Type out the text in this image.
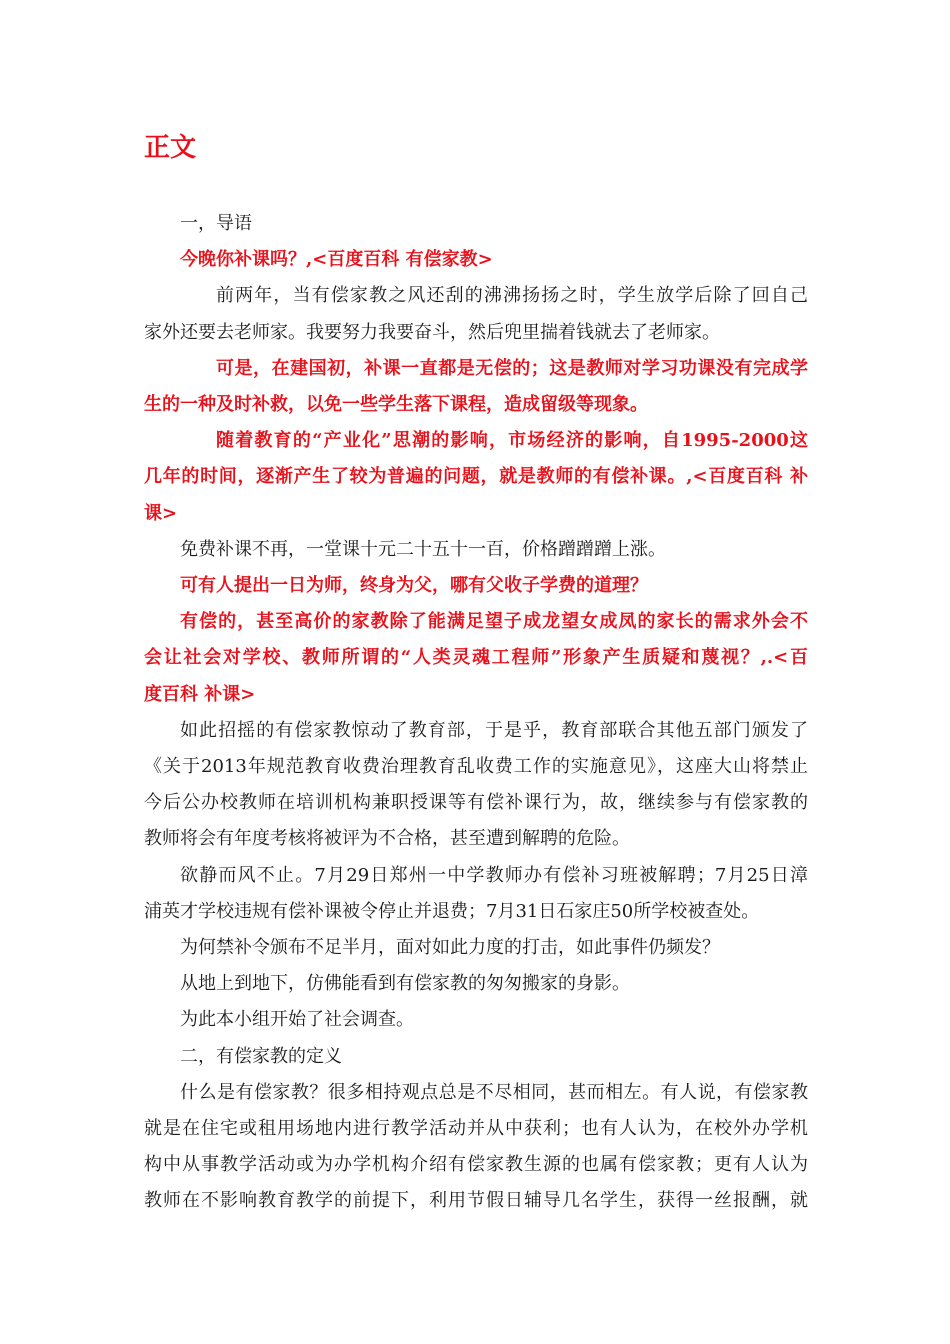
正文

一，导语

今晚你补课吗？,<百度百科 有偿家教>

前两年，当有偿家教之风还刮的沸沸扬扬之时，学生放学后除了回自己

家外还要去老师家。我要努力我要奋斗，然后兜里揣着钱就去了老师家。

可是，在建国初，补课一直都是无偿的；这是教师对学习功课没有完成学

生的一种及时补救，以免一些学生落下课程，造成留级等现象。

随着教育的“产业化”思潮的影响，市场经济的影响，自1995-2000这

几年的时间，逐渐产生了较为普遍的问题，就是教师的有偿补课。,<百度百科 补

课>

免费补课不再，一堂课十元二十五十一百，价格蹭蹭蹭上涨。

可有人提出一日为师，终身为父，哪有父收子学费的道理？

有偿的，甚至高价的家教除了能满足望子成龙望女成凤的家长的需求外会不

会让社会对学校、教师所谓的“人类灵魂工程师”形象产生质疑和蔑视？,.<百

度百科 补课>

如此招摇的有偿家教惊动了教育部，于是乎，教育部联合其他五部门颁发了

《关于2013年规范教育收费治理教育乱收费工作的实施意见》，这座大山将禁止

今后公办校教师在培训机构兼职授课等有偿补课行为，故，继续参与有偿家教的

教师将会有年度考核将被评为不合格，甚至遭到解聘的危险。

欲静而风不止。7月29日郑州一中学教师办有偿补习班被解聘；7月25日漳

浦英才学校违规有偿补课被令停止并退费；7月31日石家庄50所学校被查处。

为何禁补令颁布不足半月，面对如此力度的打击，如此事件仍频发？

从地上到地下，仿佛能看到有偿家教的匆匆搬家的身影。

为此本小组开始了社会调查。

二，有偿家教的定义

什么是有偿家教？很多相持观点总是不尽相同，甚而相左。有人说，有偿家教

就是在住宅或租用场地内进行教学活动并从中获利；也有人认为，在校外办学机

构中从事教学活动或为办学机构介绍有偿家教生源的也属有偿家教；更有人认为

教师在不影响教育教学的前提下，利用节假日辅导几名学生，获得一丝报酬，就
